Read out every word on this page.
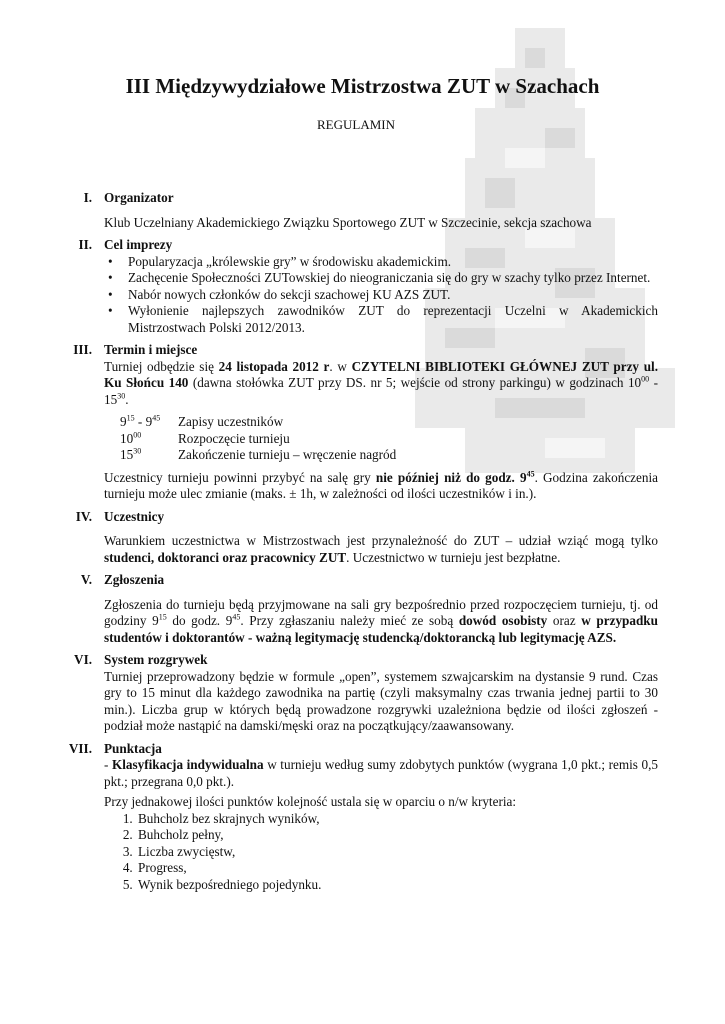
III Międzywydziałowe Mistrzostwa ZUT w Szachach
REGULAMIN
I. Organizator

Klub Uczelniany Akademickiego Związku Sportowego ZUT w Szczecinie, sekcja szachowa

II. Cel imprezy
• Popularyzacja „królewskie gry” w środowisku akademickim.
• Zachęcenie Społeczności ZUTowskiej do nieograniczania się do gry w szachy tylko przez Internet.
• Nabór nowych członków do sekcji szachowej KU AZS ZUT.
• Wyłonienie najlepszych zawodników ZUT do reprezentacji Uczelni w Akademickich Mistrzostwach Polski 2012/2013.
III. Termin i miejsce

Turniej odbędzie się 24 listopada 2012 r. w CZYTELNI BIBLIOTEKI GŁÓWNEJ ZUT przy ul. Ku Słońcu 140 (dawna stołówka ZUT przy DS. nr 5; wejście od strony parkingu) w godzinach $10^{00} - 15^{30}$.

$9^{15} - 9^{45}$	Zapisy uczestników
$10^{00}$	Rozpoczęcie turnieju
$15^{30}$	Zakończenie turnieju – wręczenie nagród

Uczestnicy turnieju powinni przybyć na salę gry nie później niż do godz. $9^{45}$. Godzina zakończenia turnieju może ulec zmianie (maks. ± 1h, w zależności od ilości uczestników i in.).

IV. Uczestnicy

Warunkiem uczestnictwa w Mistrzostwach jest przynależność do ZUT – udział wziąć mogą tylko studenci, doktoranci oraz pracownicy ZUT. Uczestnictwo w turnieju jest bezpłatne.

V. Zgłoszenia

Zgłoszenia do turnieju będą przyjmowane na sali gry bezpośrednio przed rozpoczęciem turnieju, tj. od godziny $9^{15}$ do godz. $9^{45}$. Przy zgłaszaniu należy mieć ze sobą dowód osobisty oraz w przypadku studentów i doktorantów - ważną legitymację studencką/doktorancką lub legitymację AZS.

VI. System rozgrywek

Turniej przeprowadzony będzie w formule „open”, systemem szwajcarskim na dystansie 9 rund. Czas gry to 15 minut dla każdego zawodnika na partię (czyli maksymalny czas trwania jednej partii to 30 min.). Liczba grup w których będą prowadzone rozgrywki uzależniona będzie od ilości zgłoszeń - podział może nastąpić na damski/męski oraz na początkujący/zaawansowany.

VII. Punktacja

- Klasyfikacja indywidualna w turnieju według sumy zdobytych punktów (wygrana 1,0 pkt.; remis 0,5 pkt.; przegrana 0,0 pkt.).

Przy jednakowej ilości punktów kolejność ustala się w oparciu o n/w kryteria:

1. Buhcholz bez skrajnych wyników,
2. Buhcholz pełny,
3. Liczba zwycięstw,
4. Progress,
5. Wynik bezpośredniego pojedynku.
